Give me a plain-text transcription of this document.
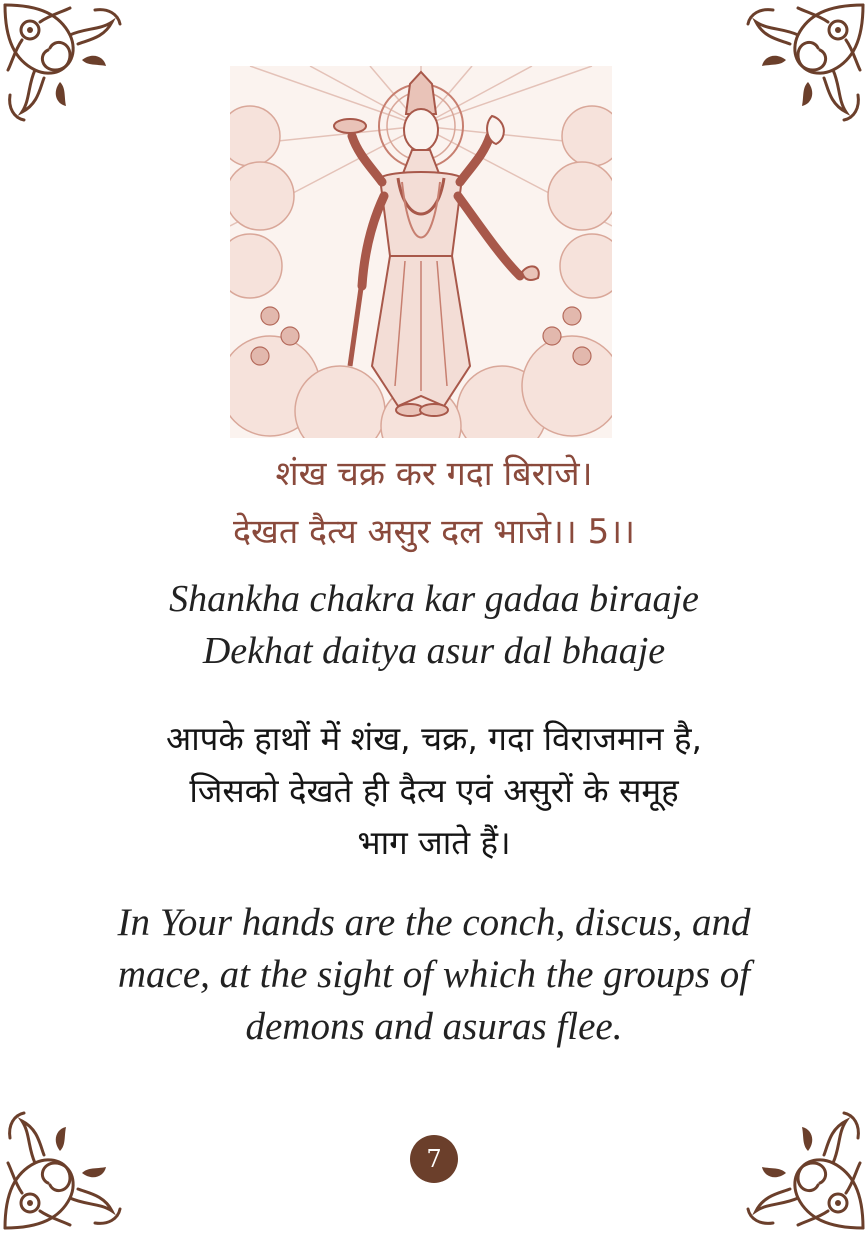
शंख चक्र कर गदा बिराजे।
देखत दैत्य असुर दल भाजे।। 5।।
Shankha chakra kar gadaa biraaje
Dekhat daitya asur dal bhaaje
आपके हाथों में शंख, चक्र, गदा विराजमान है,
जिसको देखते ही दैत्य एवं असुरों के समूह
भाग जाते हैं।
In Your hands are the conch, discus, and
mace, at the sight of which the groups of
demons and asuras flee.
7
